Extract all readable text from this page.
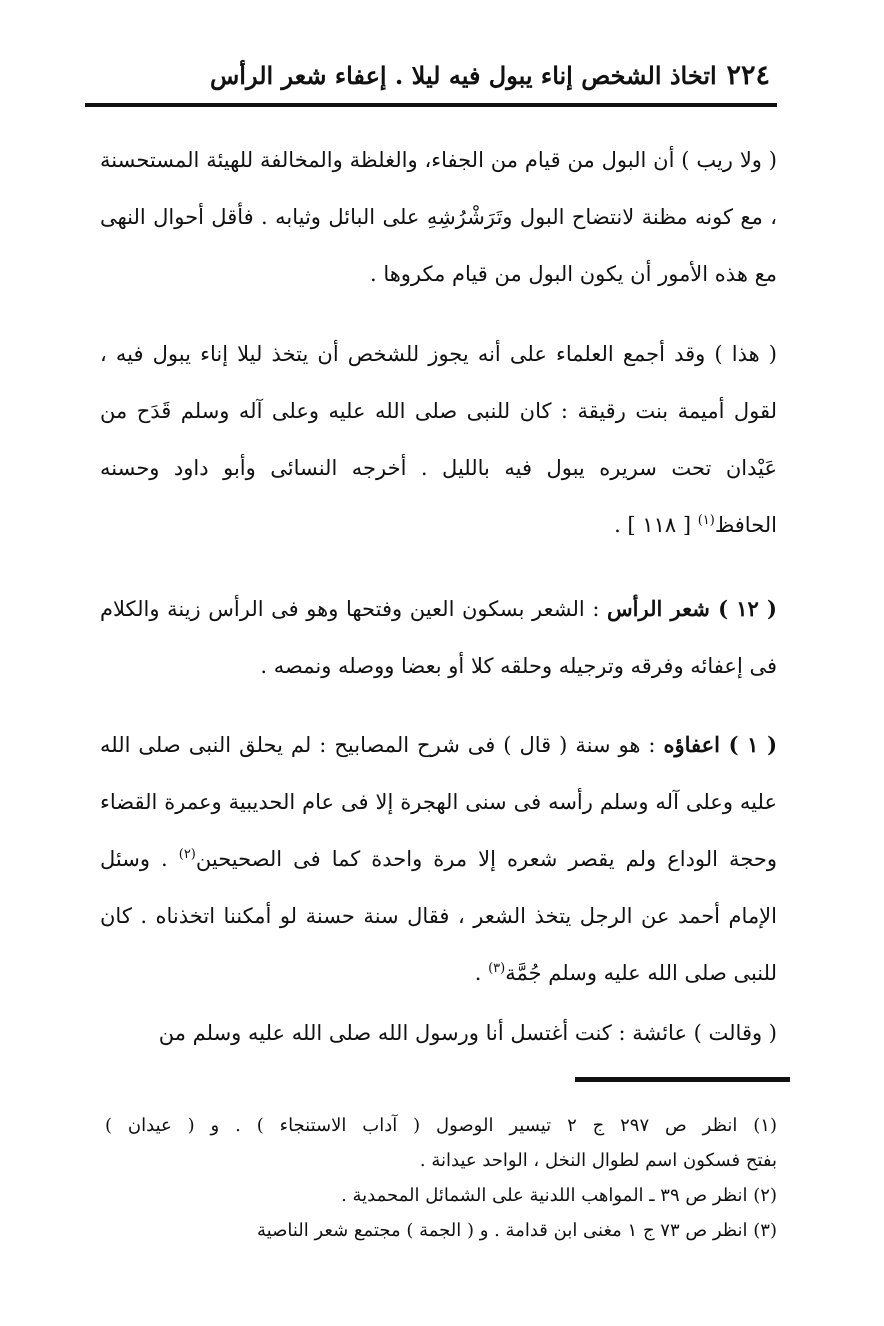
٢٢٤
اتخاذ الشخص إناء يبول فيه ليلا . إعفاء شعر الرأس
( ولا ريب ) أن البول من قيام من الجفاء، والغلظة والمخالفة للهيئة المستحسنة ، مع كونه مظنة لانتضاح البول وتَرَشْرُشِهِ على البائل وثيابه . فأقل أحوال النهى مع هذه الأمور أن يكون البول من قيام مكروها .
( هذا ) وقد أجمع العلماء على أنه يجوز للشخص أن يتخذ ليلا إناء يبول فيه ، لقول أميمة بنت رقيقة : كان للنبى صلى الله عليه وعلى آله وسلم قَدَح من عَيْدان تحت سريره يبول فيه بالليل . أخرجه النسائى وأبو داود وحسنه الحافظ$^{(١)}$ [ ١١٨ ] .
( ١٢ ) شعر الرأس : الشعر بسكون العين وفتحها وهو فى الرأس زينة والكلام فى إعفائه وفرقه وترجيله وحلقه كلا أو بعضا ووصله ونمصه .
( ١ ) اعفاؤه : هو سنة ( قال ) فى شرح المصابيح : لم يحلق النبى صلى الله عليه وعلى آله وسلم رأسه فى سنى الهجرة إلا فى عام الحديبية وعمرة القضاء وحجة الوداع ولم يقصر شعره إلا مرة واحدة كما فى الصحيحين$^{(٢)}$ . وسئل الإمام أحمد عن الرجل يتخذ الشعر ، فقال سنة حسنة لو أمكننا اتخذناه . كان للنبى صلى الله عليه وسلم جُمَّة$^{(٣)}$ .
( وقالت ) عائشة : كنت أغتسل أنا ورسول الله صلى الله عليه وسلم من
(١) انظر ص ٢٩٧ ج ٢ تيسير الوصول ( آداب الاستنجاء ) . و ( عيدان )
بفتح فسكون اسم لطوال النخل ، الواحد عيدانة .
(٢) انظر ص ٣٩ ـ المواهب اللدنية على الشمائل المحمدية .
(٣) انظر ص ٧٣ ج ١ مغنى ابن قدامة . و ( الجمة ) مجتمع شعر الناصية
